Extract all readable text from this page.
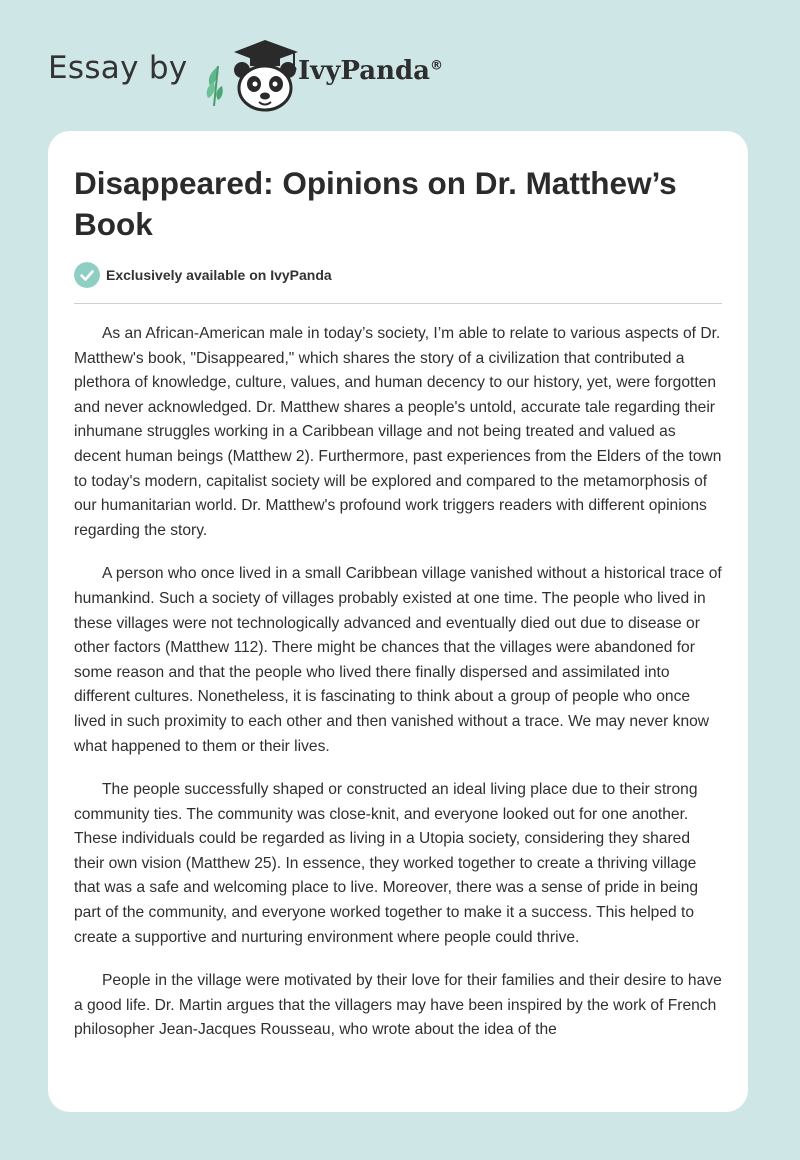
Essay by	IvyPanda®
Disappeared: Opinions on Dr. Matthew’s Book
Exclusively available on IvyPanda

As an African-American male in today’s society, I’m able to relate to various aspects of Dr. Matthew's book, "Disappeared," which shares the story of a civilization that contributed a plethora of knowledge, culture, values, and human decency to our history, yet, were forgotten and never acknowledged. Dr. Matthew shares a people's untold, accurate tale regarding their inhumane struggles working in a Caribbean village and not being treated and valued as decent human beings (Matthew 2). Furthermore, past experiences from the Elders of the town to today's modern, capitalist society will be explored and compared to the metamorphosis of our humanitarian world. Dr. Matthew's profound work triggers readers with different opinions regarding the story.

A person who once lived in a small Caribbean village vanished without a historical trace of humankind. Such a society of villages probably existed at one time. The people who lived in these villages were not technologically advanced and eventually died out due to disease or other factors (Matthew 112). There might be chances that the villages were abandoned for some reason and that the people who lived there finally dispersed and assimilated into different cultures. Nonetheless, it is fascinating to think about a group of people who once lived in such proximity to each other and then vanished without a trace. We may never know what happened to them or their lives.

The people successfully shaped or constructed an ideal living place due to their strong community ties. The community was close-knit, and everyone looked out for one another. These individuals could be regarded as living in a Utopia society, considering they shared their own vision (Matthew 25). In essence, they worked together to create a thriving village that was a safe and welcoming place to live. Moreover, there was a sense of pride in being part of the community, and everyone worked together to make it a success. This helped to create a supportive and nurturing environment where people could thrive.

People in the village were motivated by their love for their families and their desire to have a good life. Dr. Martin argues that the villagers may have been inspired by the work of French philosopher Jean-Jacques Rousseau, who wrote about the idea of the
